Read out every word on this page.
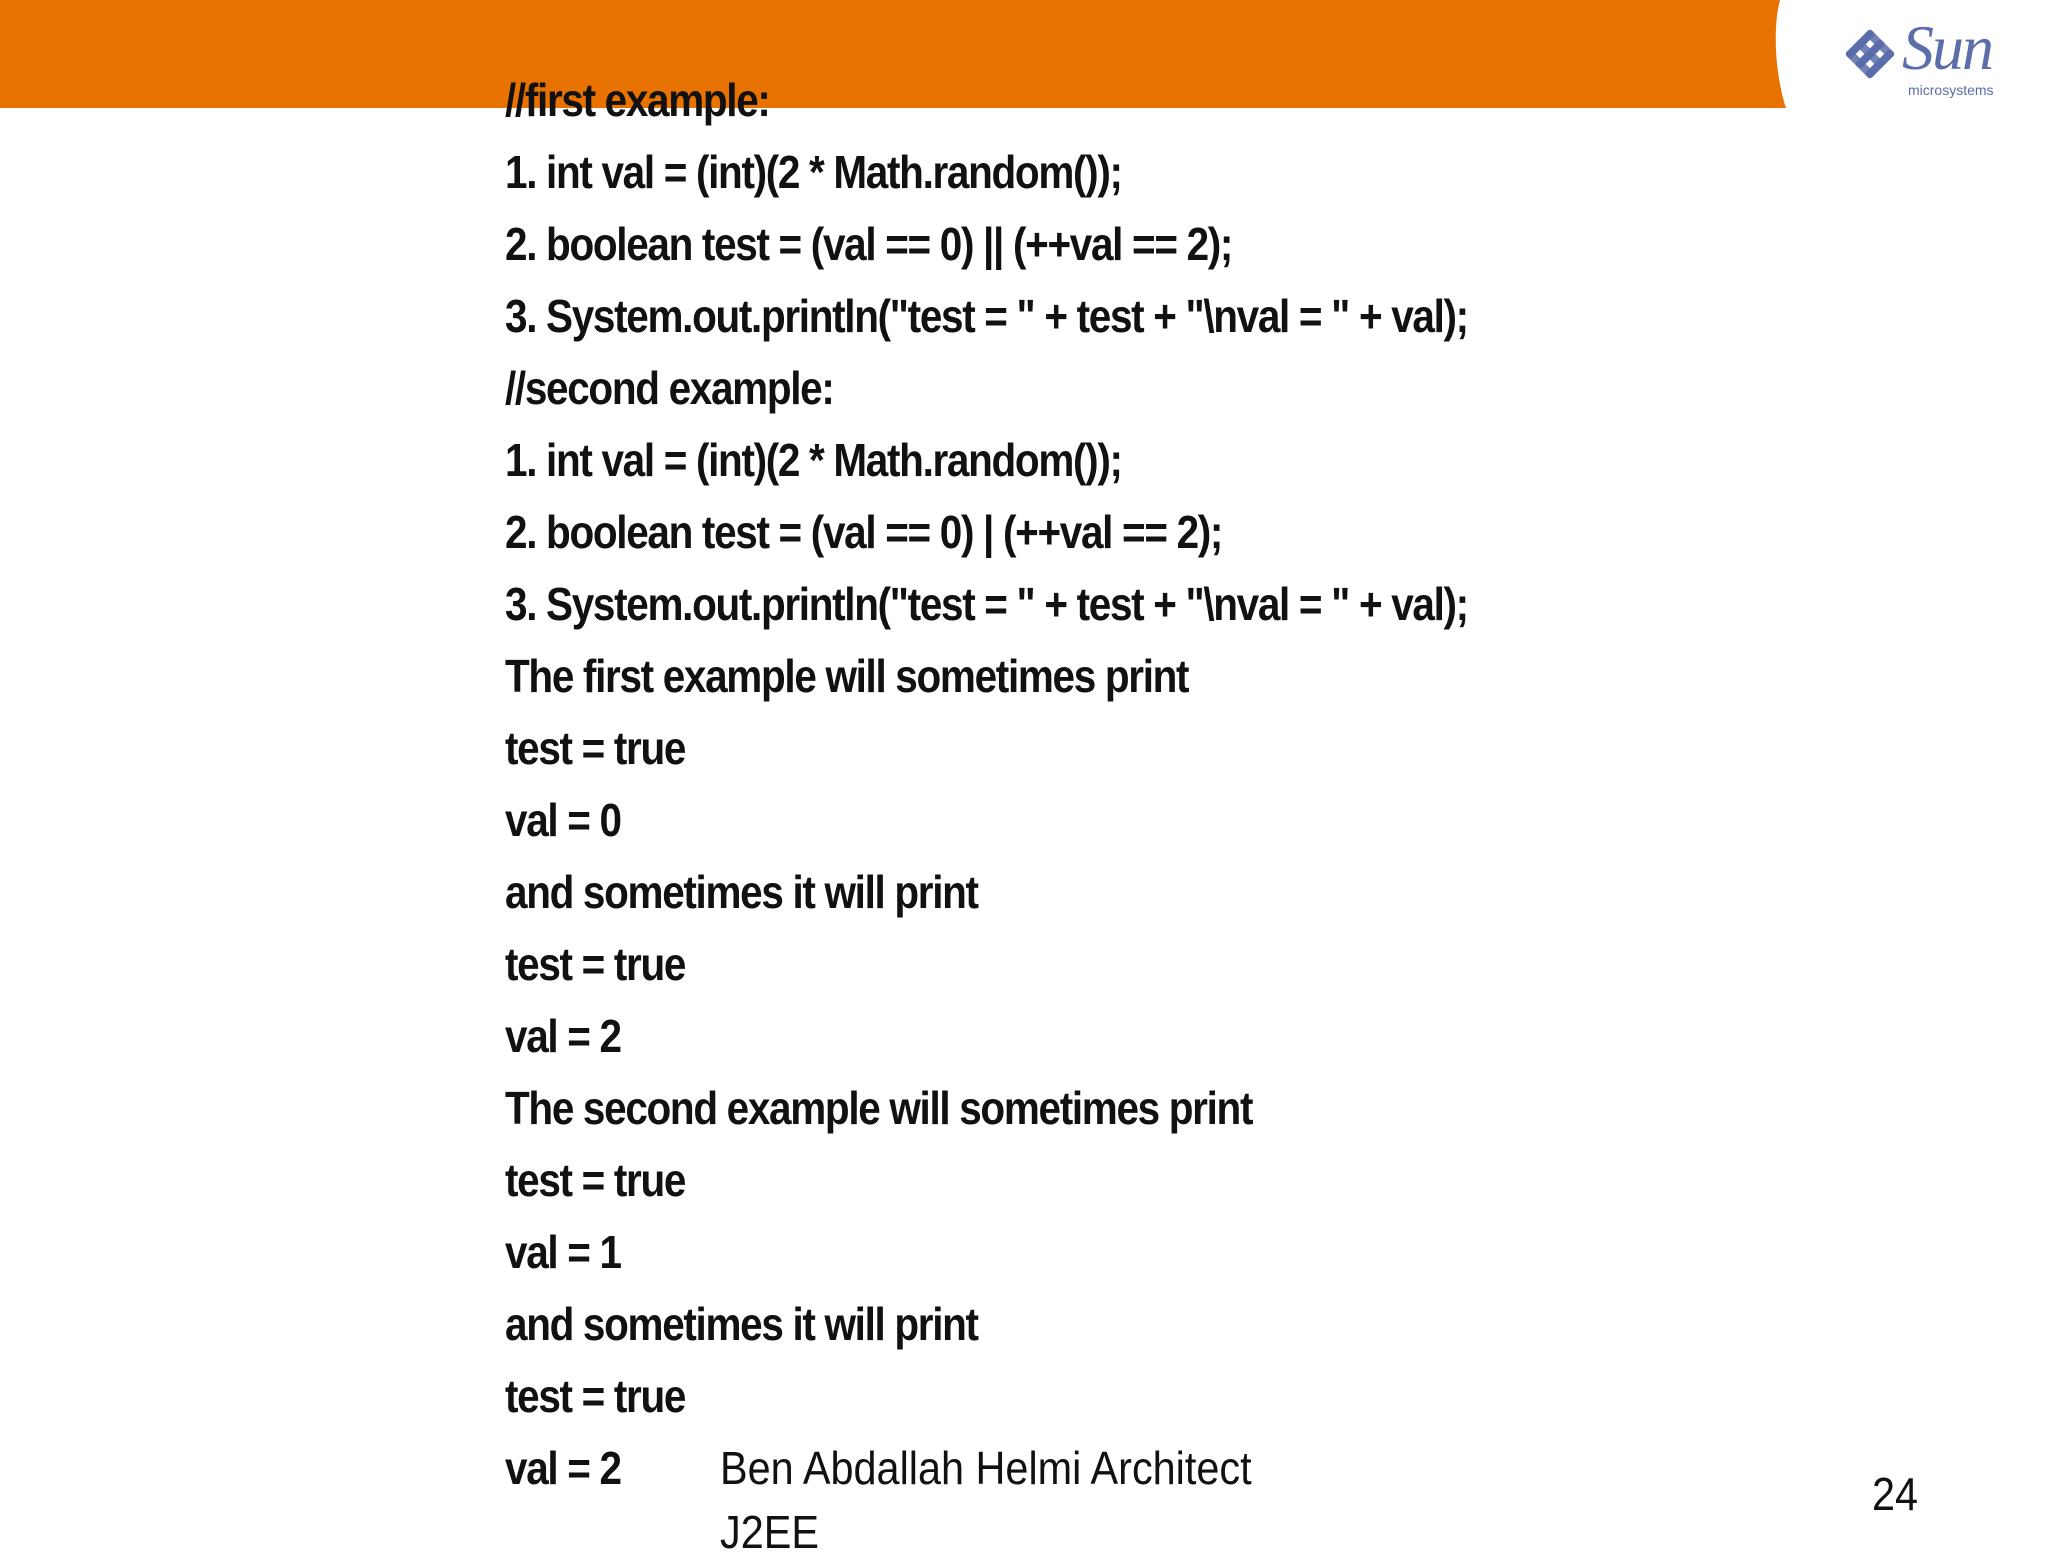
Sun
microsystems
//first example:
1. int val = (int)(2 * Math.random());
2. boolean test = (val == 0) || (++val == 2);
3. System.out.println("test = " + test + "\nval = " + val);
//second example:
1. int val = (int)(2 * Math.random());
2. boolean test = (val == 0) | (++val == 2);
3. System.out.println("test = " + test + "\nval = " + val);
The first example will sometimes print
test = true
val = 0
and sometimes it will print
test = true
val = 2
The second example will sometimes print
test = true
val = 1
and sometimes it will print
test = true
val = 2	Ben Abdallah Helmi Architect
J2EE
24
